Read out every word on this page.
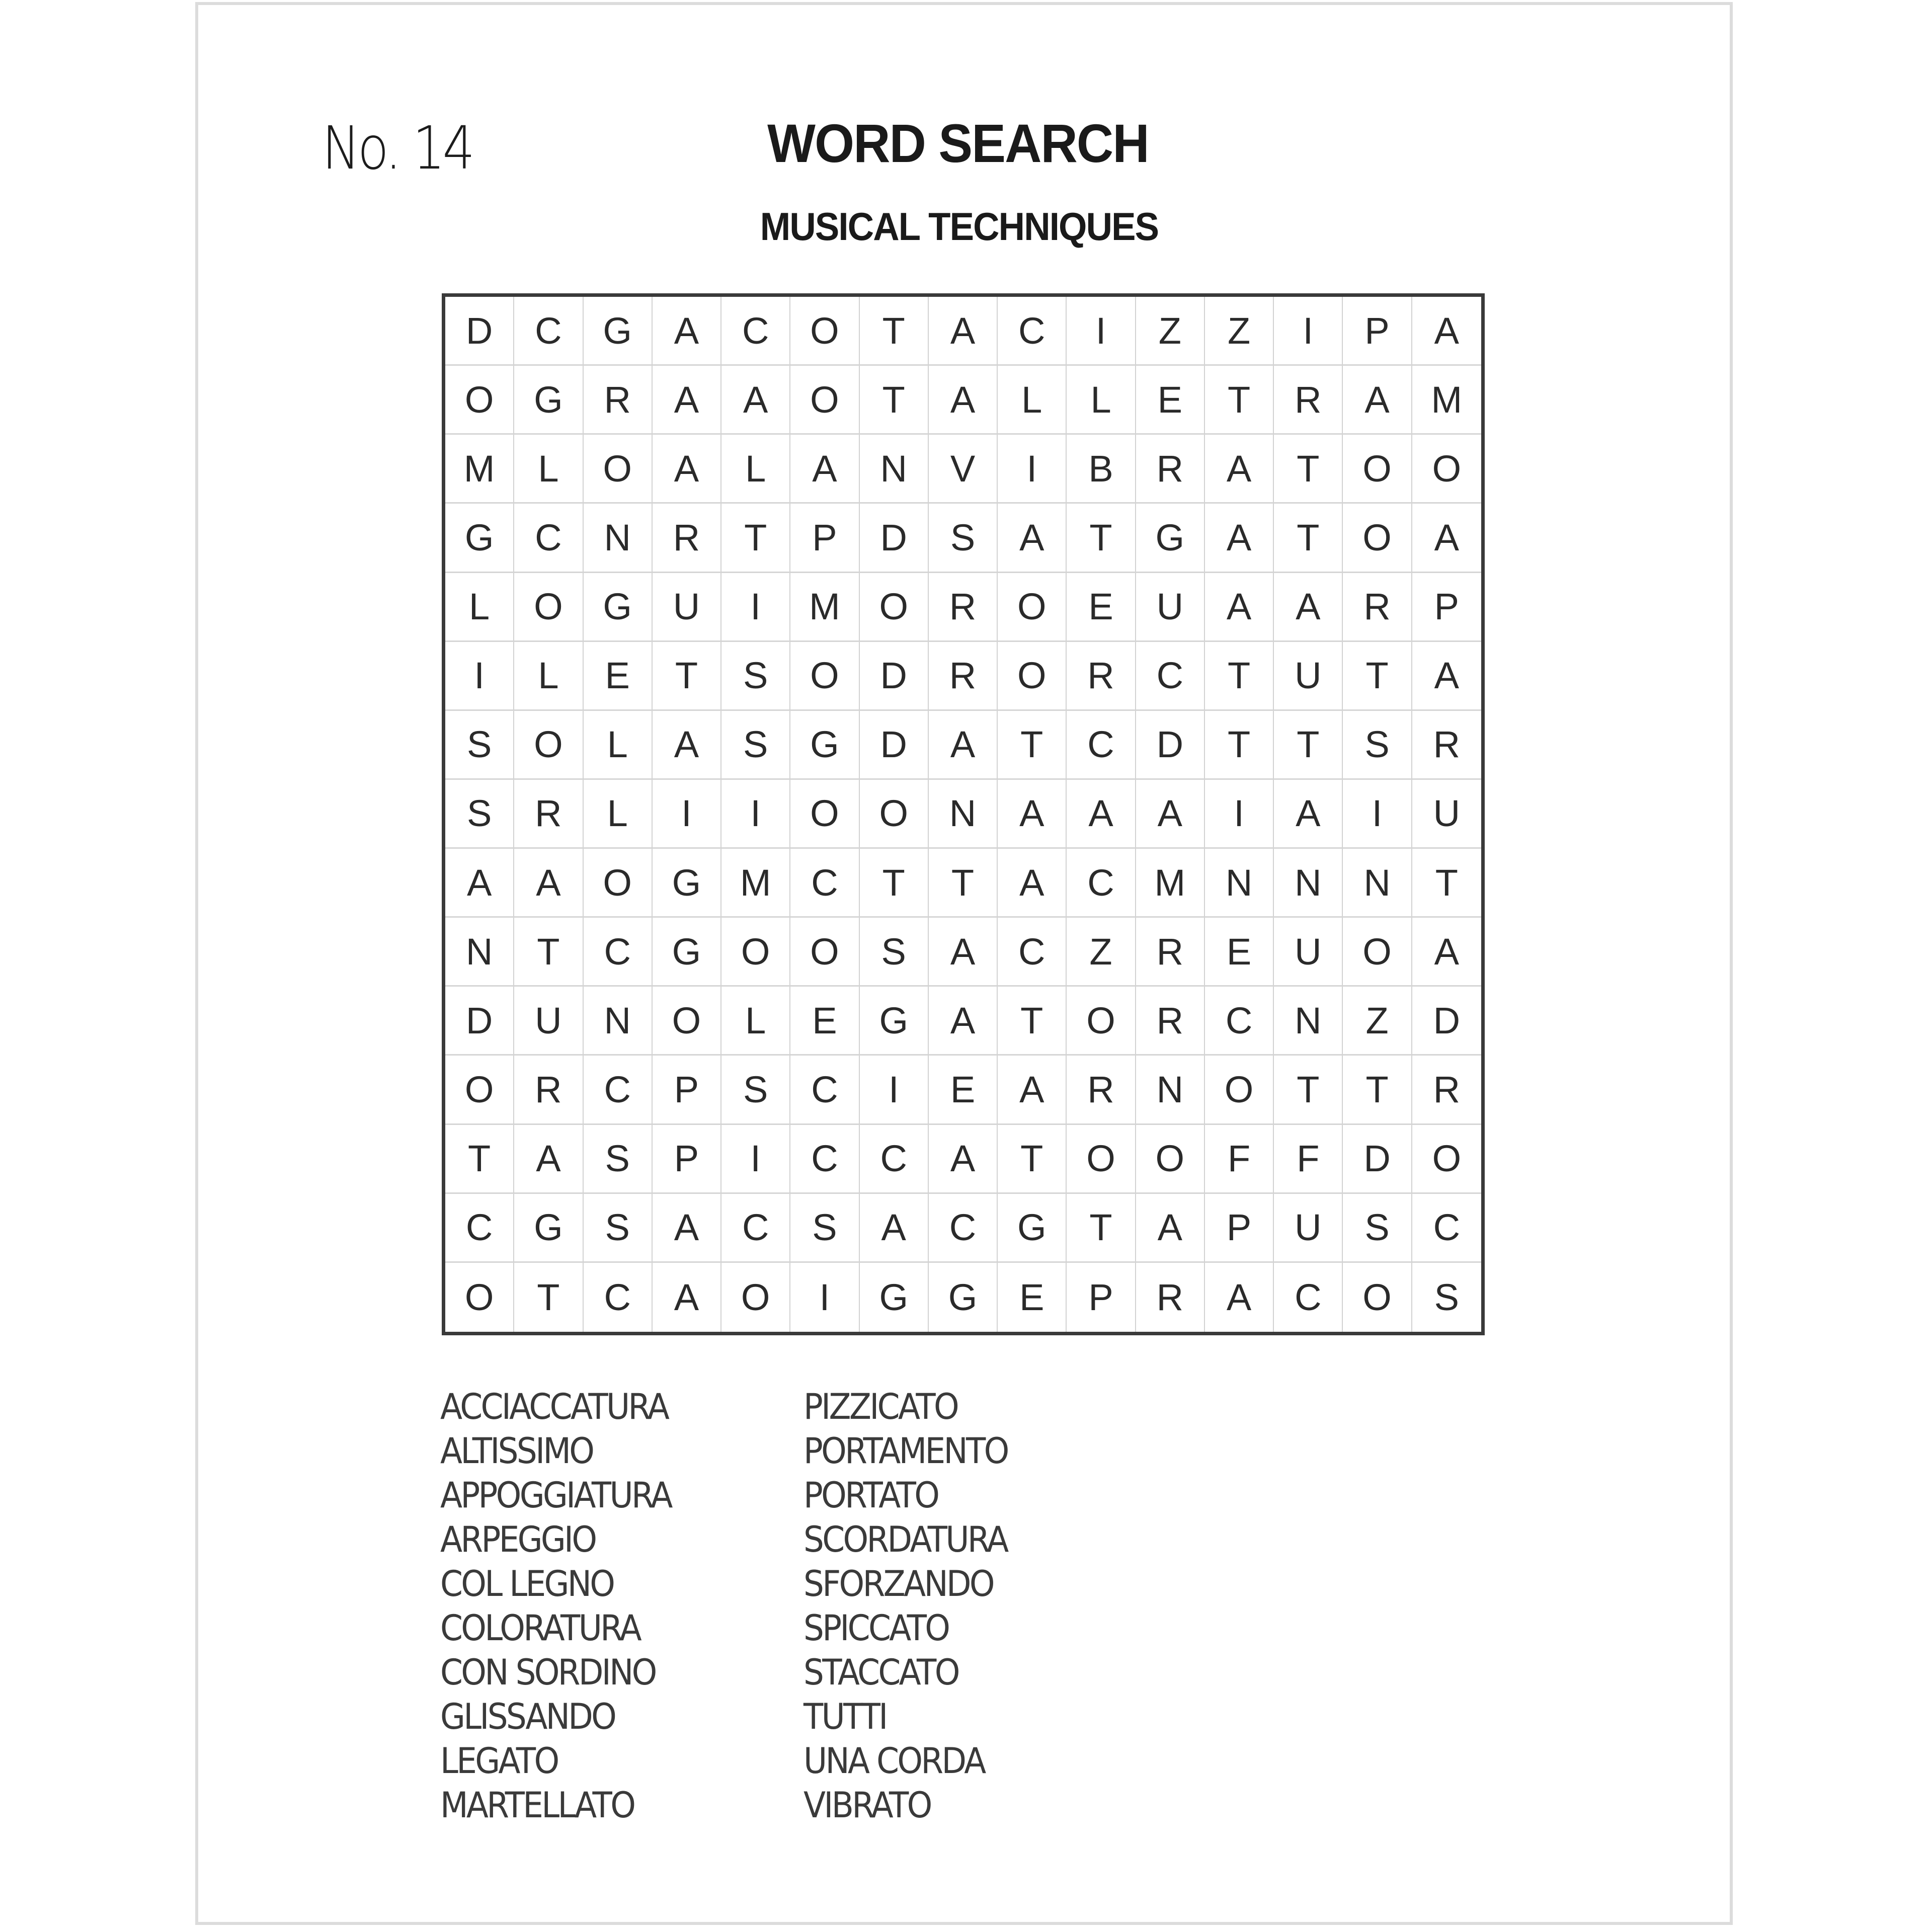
No. 14	WORD SEARCH
MUSICAL TECHNIQUES
D	C	G	A	C	O	T	A	C	I	Z	Z	I	P	A
O	G	R	A	A	O	T	A	L	L	E	T	R	A	M
M	L	O	A	L	A	N	V	I	B	R	A	T	O	O
G	C	N	R	T	P	D	S	A	T	G	A	T	O	A
L	O	G	U	I	M	O	R	O	E	U	A	A	R	P
I	L	E	T	S	O	D	R	O	R	C	T	U	T	A
S	O	L	A	S	G	D	A	T	C	D	T	T	S	R
S	R	L	I	I	O	O	N	A	A	A	I	A	I	U
A	A	O	G	M	C	T	T	A	C	M	N	N	N	T
N	T	C	G	O	O	S	A	C	Z	R	E	U	O	A
D	U	N	O	L	E	G	A	T	O	R	C	N	Z	D
O	R	C	P	S	C	I	E	A	R	N	O	T	T	R
T	A	S	P	I	C	C	A	T	O	O	F	F	D	O
C	G	S	A	C	S	A	C	G	T	A	P	U	S	C
O	T	C	A	O	I	G	G	E	P	R	A	C	O	S
ACCIACCATURA
ALTISSIMO
APPOGGIATURA
ARPEGGIO
COL LEGNO
COLORATURA
CON SORDINO
GLISSANDO
LEGATO
MARTELLATO
PIZZICATO
PORTAMENTO
PORTATO
SCORDATURA
SFORZANDO
SPICCATO
STACCATO
TUTTI
UNA CORDA
VIBRATO
